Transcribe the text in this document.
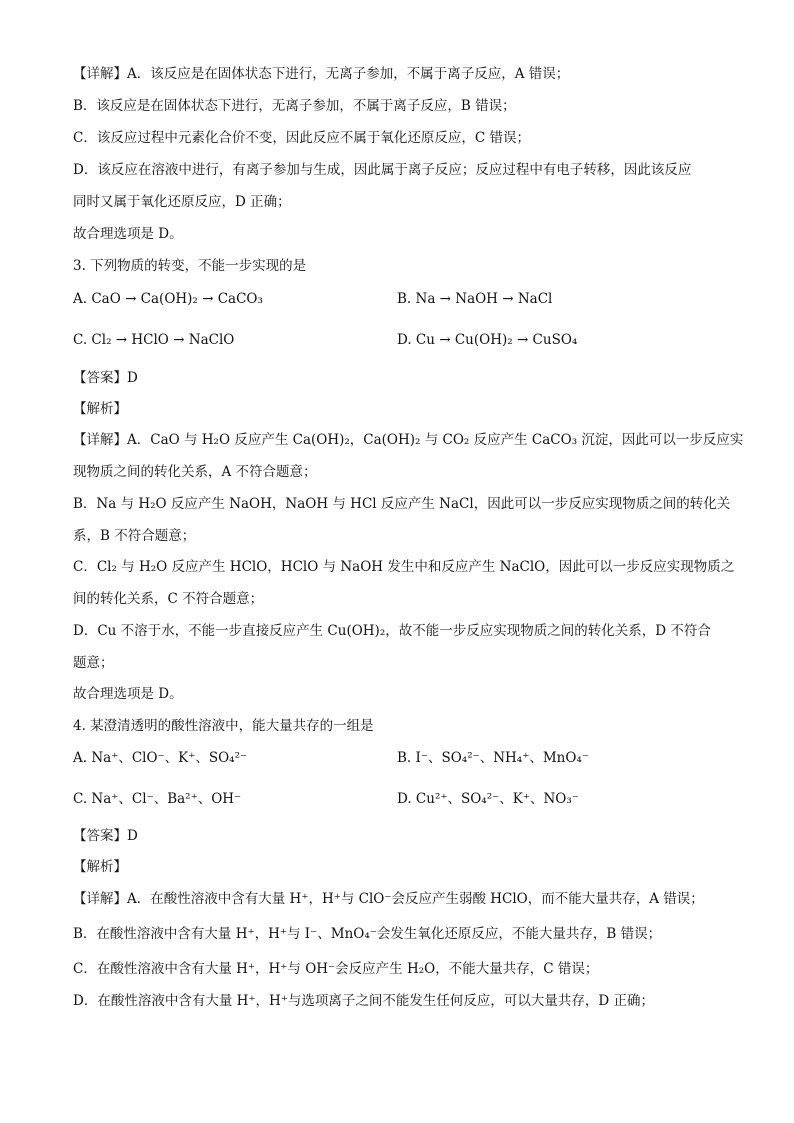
【详解】A．该反应是在固体状态下进行，无离子参加，不属于离子反应，A 错误；
B．该反应是在固体状态下进行，无离子参加，不属于离子反应，B 错误；
C．该反应过程中元素化合价不变，因此反应不属于氧化还原反应，C 错误；
D．该反应在溶液中进行，有离子参加与生成，因此属于离子反应；反应过程中有电子转移，因此该反应
同时又属于氧化还原反应，D 正确；
故合理选项是 D。
3. 下列物质的转变，不能一步实现的是
A. CaO → Ca(OH)₂ → CaCO₃	B. Na → NaOH → NaCl
C. Cl₂ → HClO → NaClO	D. Cu → Cu(OH)₂ → CuSO₄
【答案】D
【解析】
【详解】A．CaO 与 H₂O 反应产生 Ca(OH)₂，Ca(OH)₂ 与 CO₂ 反应产生 CaCO₃ 沉淀，因此可以一步反应实
现物质之间的转化关系，A 不符合题意；
B．Na 与 H₂O 反应产生 NaOH，NaOH 与 HCl 反应产生 NaCl，因此可以一步反应实现物质之间的转化关
系，B 不符合题意；
C．Cl₂ 与 H₂O 反应产生 HClO，HClO 与 NaOH 发生中和反应产生 NaClO，因此可以一步反应实现物质之
间的转化关系，C 不符合题意；
D．Cu 不溶于水，不能一步直接反应产生 Cu(OH)₂，故不能一步反应实现物质之间的转化关系，D 不符合
题意；
故合理选项是 D。
4. 某澄清透明的酸性溶液中，能大量共存的一组是
A. Na⁺、ClO⁻、K⁺、SO₄²⁻	B. I⁻、SO₄²⁻、NH₄⁺、MnO₄⁻
C. Na⁺、Cl⁻、Ba²⁺、OH⁻	D. Cu²⁺、SO₄²⁻、K⁺、NO₃⁻
【答案】D
【解析】
【详解】A．在酸性溶液中含有大量 H⁺，H⁺与 ClO⁻会反应产生弱酸 HClO，而不能大量共存，A 错误；
B．在酸性溶液中含有大量 H⁺，H⁺与 I⁻、MnO₄⁻会发生氧化还原反应，不能大量共存，B 错误；
C．在酸性溶液中含有大量 H⁺，H⁺与 OH⁻会反应产生 H₂O，不能大量共存，C 错误；
D．在酸性溶液中含有大量 H⁺，H⁺与选项离子之间不能发生任何反应，可以大量共存，D 正确；
